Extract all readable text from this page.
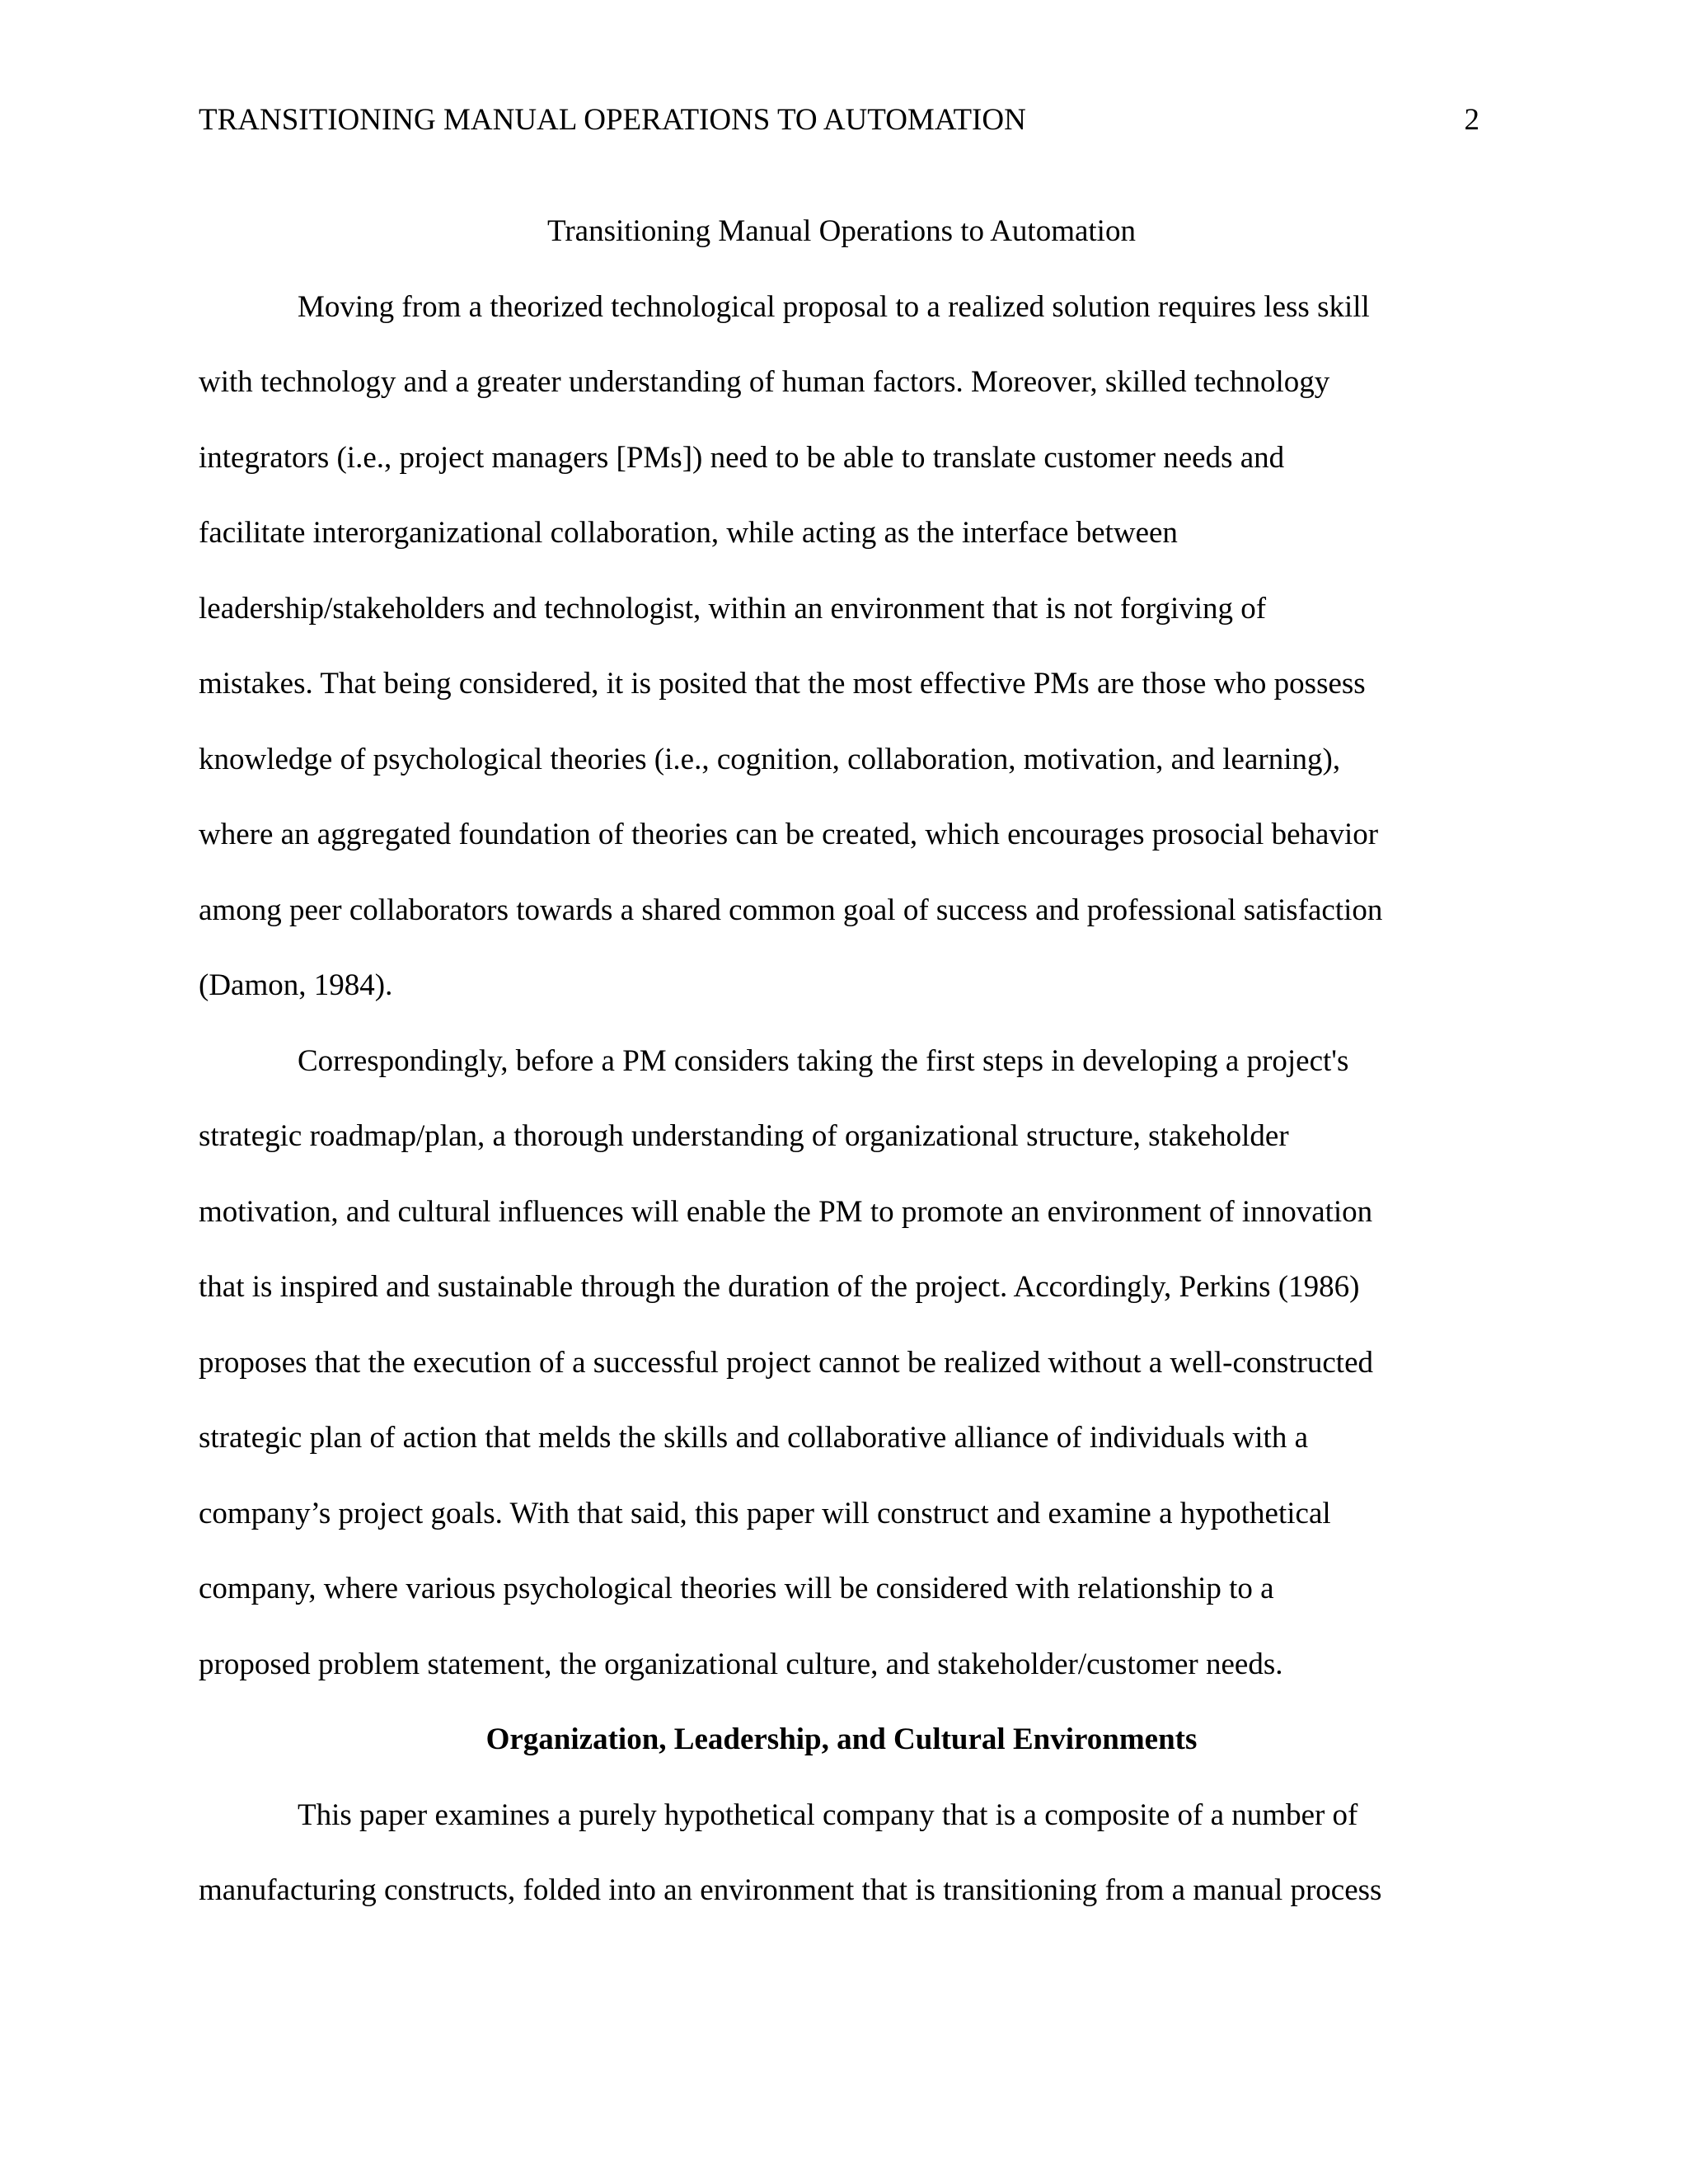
TRANSITIONING MANUAL OPERATIONS TO AUTOMATION	2
Transitioning Manual Operations to Automation
Moving from a theorized technological proposal to a realized solution requires less skill
with technology and a greater understanding of human factors. Moreover, skilled technology
integrators (i.e., project managers [PMs]) need to be able to translate customer needs and
facilitate interorganizational collaboration, while acting as the interface between
leadership/stakeholders and technologist, within an environment that is not forgiving of
mistakes. That being considered, it is posited that the most effective PMs are those who possess
knowledge of psychological theories (i.e., cognition, collaboration, motivation, and learning),
where an aggregated foundation of theories can be created, which encourages prosocial behavior
among peer collaborators towards a shared common goal of success and professional satisfaction
(Damon, 1984).
Correspondingly, before a PM considers taking the first steps in developing a project's
strategic roadmap/plan, a thorough understanding of organizational structure, stakeholder
motivation, and cultural influences will enable the PM to promote an environment of innovation
that is inspired and sustainable through the duration of the project. Accordingly, Perkins (1986)
proposes that the execution of a successful project cannot be realized without a well-constructed
strategic plan of action that melds the skills and collaborative alliance of individuals with a
company’s project goals. With that said, this paper will construct and examine a hypothetical
company, where various psychological theories will be considered with relationship to a
proposed problem statement, the organizational culture, and stakeholder/customer needs.
Organization, Leadership, and Cultural Environments
This paper examines a purely hypothetical company that is a composite of a number of
manufacturing constructs, folded into an environment that is transitioning from a manual process
